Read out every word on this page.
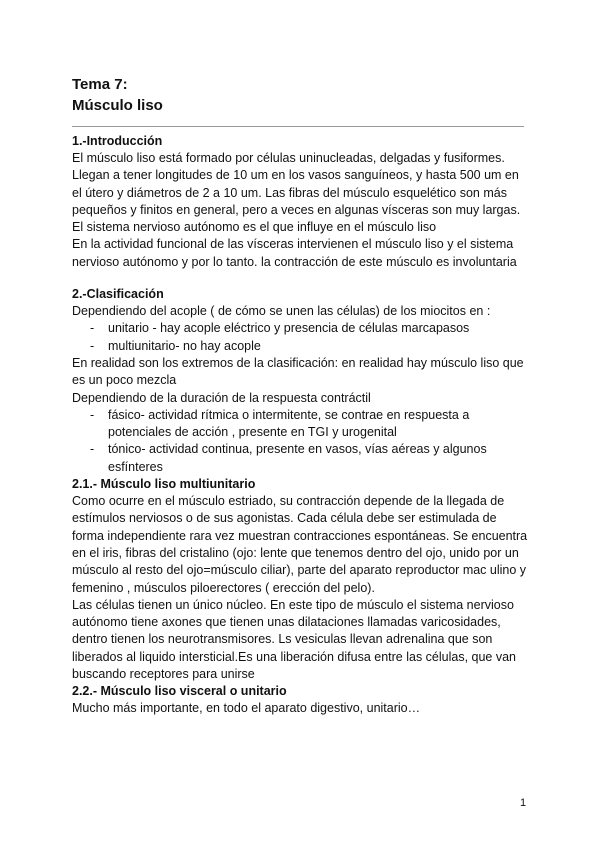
Tema 7:

Músculo liso

1.-Introducción

El músculo liso está formado por células uninucleadas, delgadas y fusiformes. Llegan a tener longitudes de 10 um en los vasos sanguíneos, y hasta 500 um en el útero y diámetros de 2 a 10 um. Las fibras del músculo esquelético son más pequeños y finitos en general, pero a veces en algunas vísceras son muy largas.

El sistema nervioso autónomo es el que influye en el músculo liso

En la actividad funcional de las vísceras intervienen el músculo liso y el sistema nervioso autónomo y por lo tanto. la contracción de este músculo es involuntaria

2.-Clasificación

Dependiendo del acople ( de cómo se unen las células) de los miocitos en :

- unitario - hay acople eléctrico y presencia de células marcapasos
- multiunitario- no hay acople

En realidad son los extremos de la clasificación: en realidad hay músculo liso que es un poco mezcla

Dependiendo de la duración de la respuesta contráctil

- fásico- actividad rítmica o intermitente, se contrae en respuesta a potenciales de acción , presente en TGI y urogenital
- tónico- actividad continua, presente en vasos, vías aéreas y algunos esfínteres

2.1.- Músculo liso multiunitario

Como ocurre en el músculo estriado, su contracción depende de la llegada de estímulos nerviosos o de sus agonistas. Cada célula debe ser estimulada de forma independiente rara vez muestran contracciones espontáneas. Se encuentra en el iris, fibras del cristalino (ojo: lente que tenemos dentro del ojo, unido por un músculo al resto del ojo=músculo ciliar), parte del aparato reproductor mac ulino y femenino , músculos piloerectores ( erección del pelo).

Las células tienen un único núcleo. En este tipo de músculo el sistema nervioso autónomo tiene axones que tienen unas dilataciones llamadas varicosidades, dentro tienen los neurotransmisores. Ls vesiculas llevan adrenalina que son liberados al liquido intersticial.Es una liberación difusa entre las células, que van buscando receptores para unirse

2.2.- Músculo liso visceral o unitario

Mucho más importante, en todo el aparato digestivo, unitario…

1
